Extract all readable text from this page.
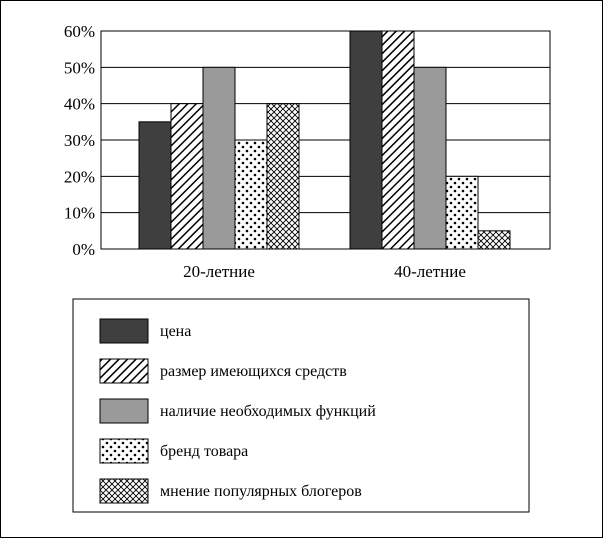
0%
10%
20%
30%
40%
50%
60%
20-летние	40-летние
цена
размер имеющихся средств
наличие необходимых функций
бренд товара
мнение популярных блогеров
